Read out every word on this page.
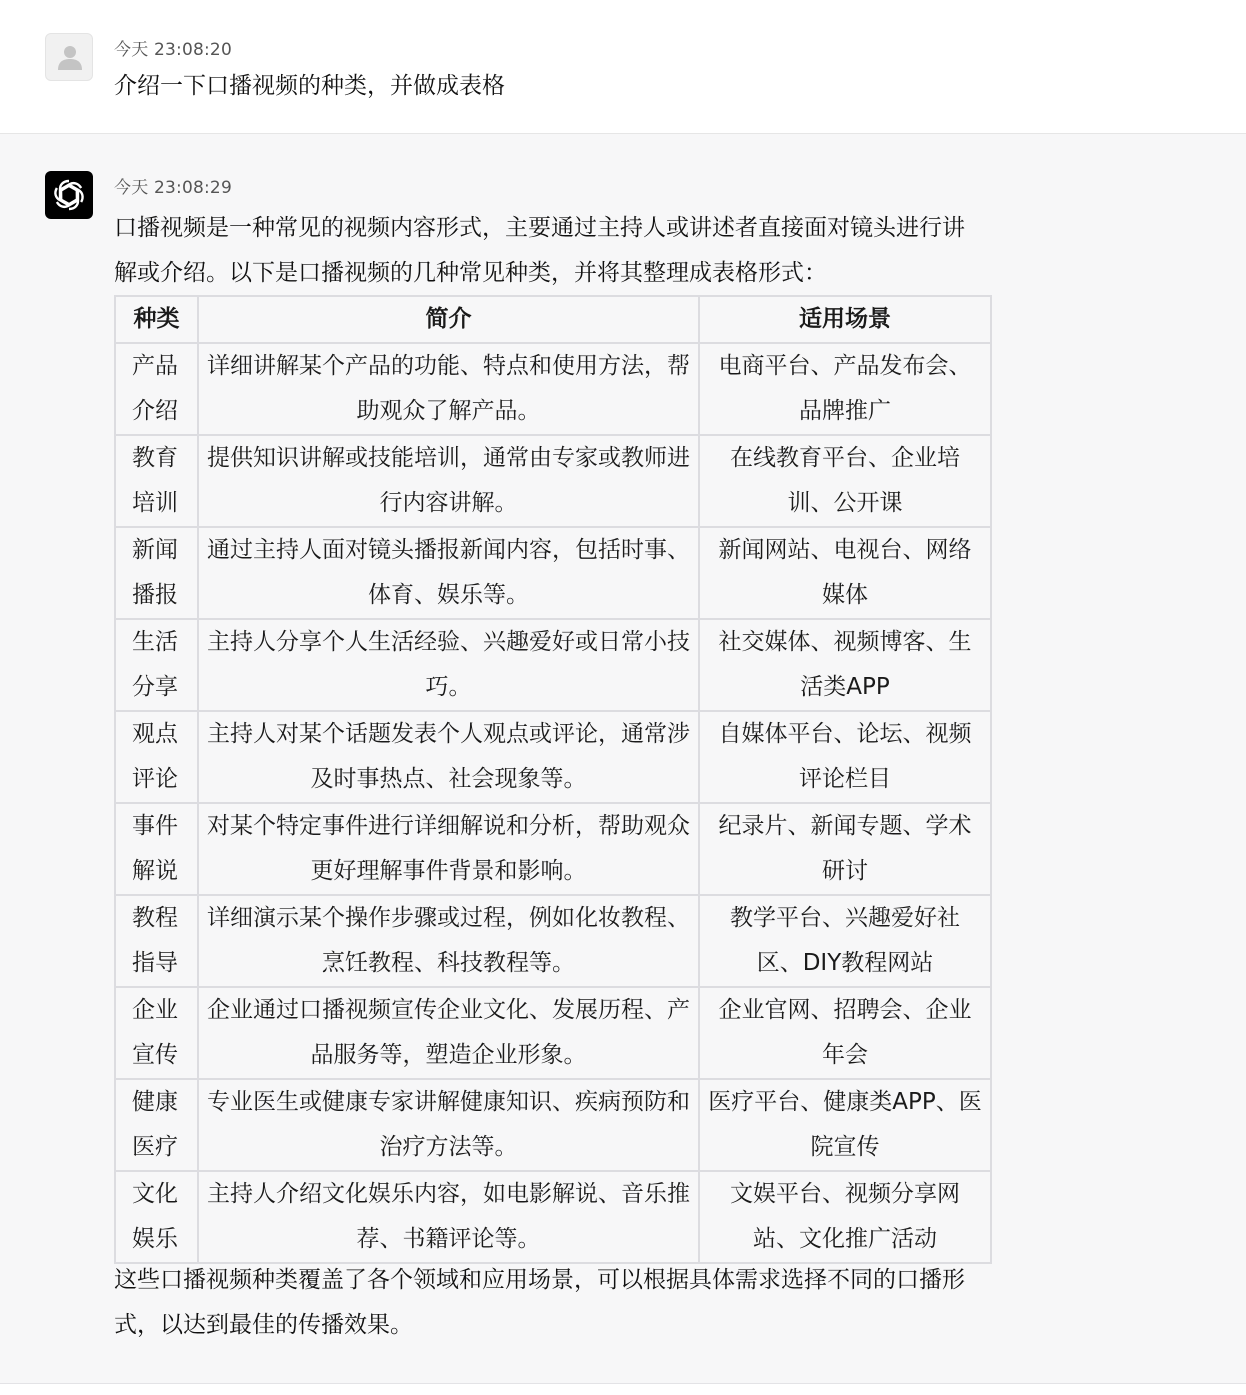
今天 23:08:20
介绍一下口播视频的种类，并做成表格
今天 23:08:29
口播视频是一种常见的视频内容形式，主要通过主持人或讲述者直接面对镜头进行讲解或介绍。以下是口播视频的几种常见种类，并将其整理成表格形式：
种类	简介	适用场景
产品介绍	详细讲解某个产品的功能、特点和使用方法，帮助观众了解产品。	电商平台、产品发布会、品牌推广
教育培训	提供知识讲解或技能培训，通常由专家或教师进行内容讲解。	在线教育平台、企业培训、公开课
新闻播报	通过主持人面对镜头播报新闻内容，包括时事、体育、娱乐等。	新闻网站、电视台、网络媒体
生活分享	主持人分享个人生活经验、兴趣爱好或日常小技巧。	社交媒体、视频博客、生活类APP
观点评论	主持人对某个话题发表个人观点或评论，通常涉及时事热点、社会现象等。	自媒体平台、论坛、视频评论栏目
事件解说	对某个特定事件进行详细解说和分析，帮助观众更好理解事件背景和影响。	纪录片、新闻专题、学术研讨
教程指导	详细演示某个操作步骤或过程，例如化妆教程、烹饪教程、科技教程等。	教学平台、兴趣爱好社区、DIY教程网站
企业宣传	企业通过口播视频宣传企业文化、发展历程、产品服务等，塑造企业形象。	企业官网、招聘会、企业年会
健康医疗	专业医生或健康专家讲解健康知识、疾病预防和治疗方法等。	医疗平台、健康类APP、医院宣传
文化娱乐	主持人介绍文化娱乐内容，如电影解说、音乐推荐、书籍评论等。	文娱平台、视频分享网站、文化推广活动
这些口播视频种类覆盖了各个领域和应用场景，可以根据具体需求选择不同的口播形式，以达到最佳的传播效果。
